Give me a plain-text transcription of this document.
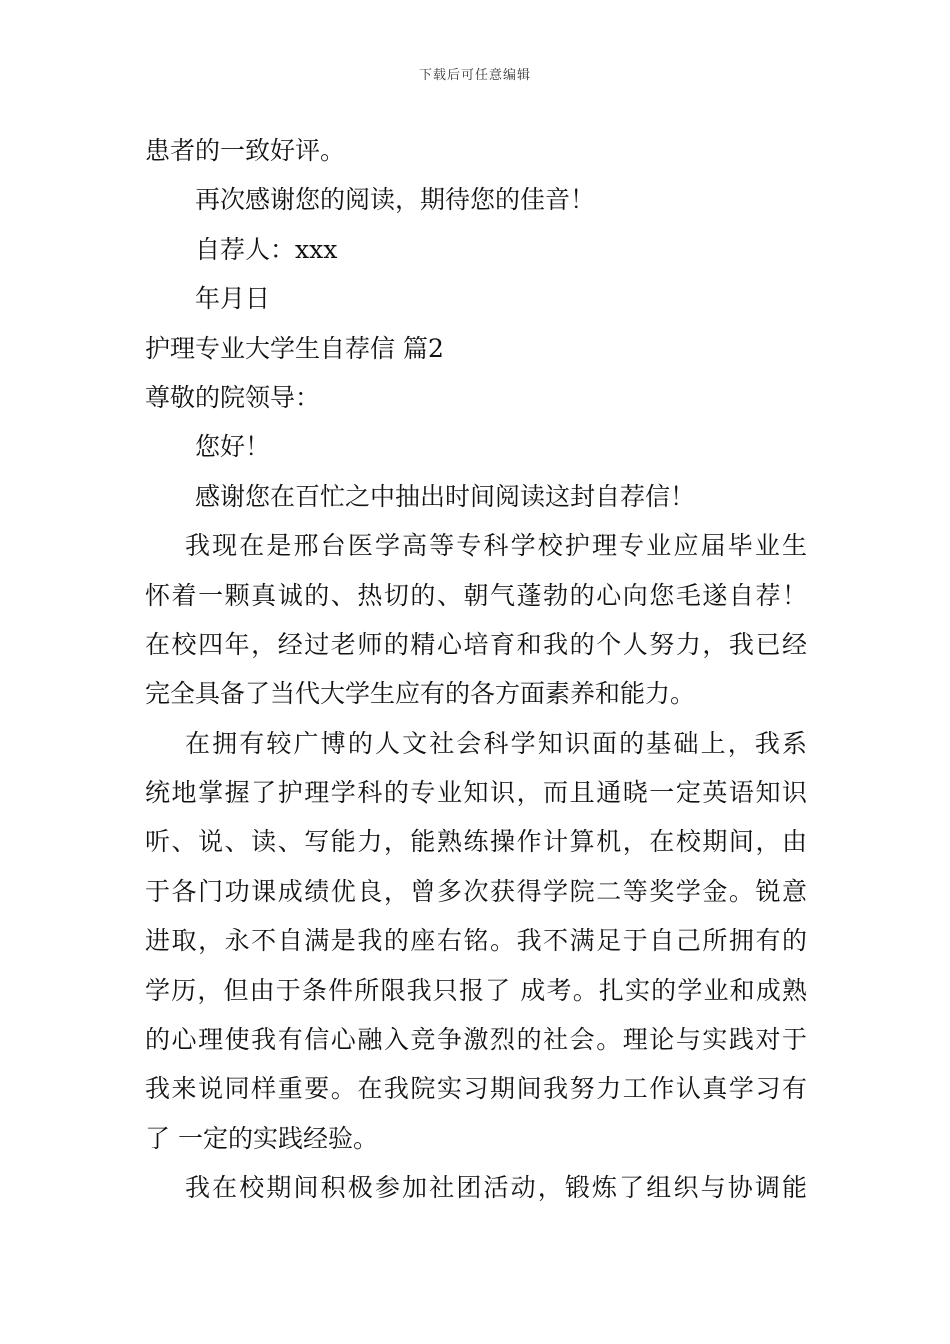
下载后可任意编辑
患者的一致好评。
再次感谢您的阅读，期待您的佳音！
自荐人：xxx
年月日
护理专业大学生自荐信 篇2
尊敬的院领导：
您好！
感谢您在百忙之中抽出时间阅读这封自荐信！
我现在是邢台医学高等专科学校护理专业应届毕业生
怀着一颗真诚的、热切的、朝气蓬勃的心向您毛遂自荐！
在校四年，经过老师的精心培育和我的个人努力，我已经
完全具备了当代大学生应有的各方面素养和能力。
在拥有较广博的人文社会科学知识面的基础上，我系
统地掌握了护理学科的专业知识，而且通晓一定英语知识
听、说、读、写能力，能熟练操作计算机，在校期间，由
于各门功课成绩优良，曾多次获得学院二等奖学金。锐意
进取，永不自满是我的座右铭。我不满足于自己所拥有的
学历，但由于条件所限我只报了 成考。扎实的学业和成熟
的心理使我有信心融入竞争激烈的社会。理论与实践对于
我来说同样重要。在我院实习期间我努力工作认真学习有
了 一定的实践经验。
我在校期间积极参加社团活动，锻炼了组织与协调能
